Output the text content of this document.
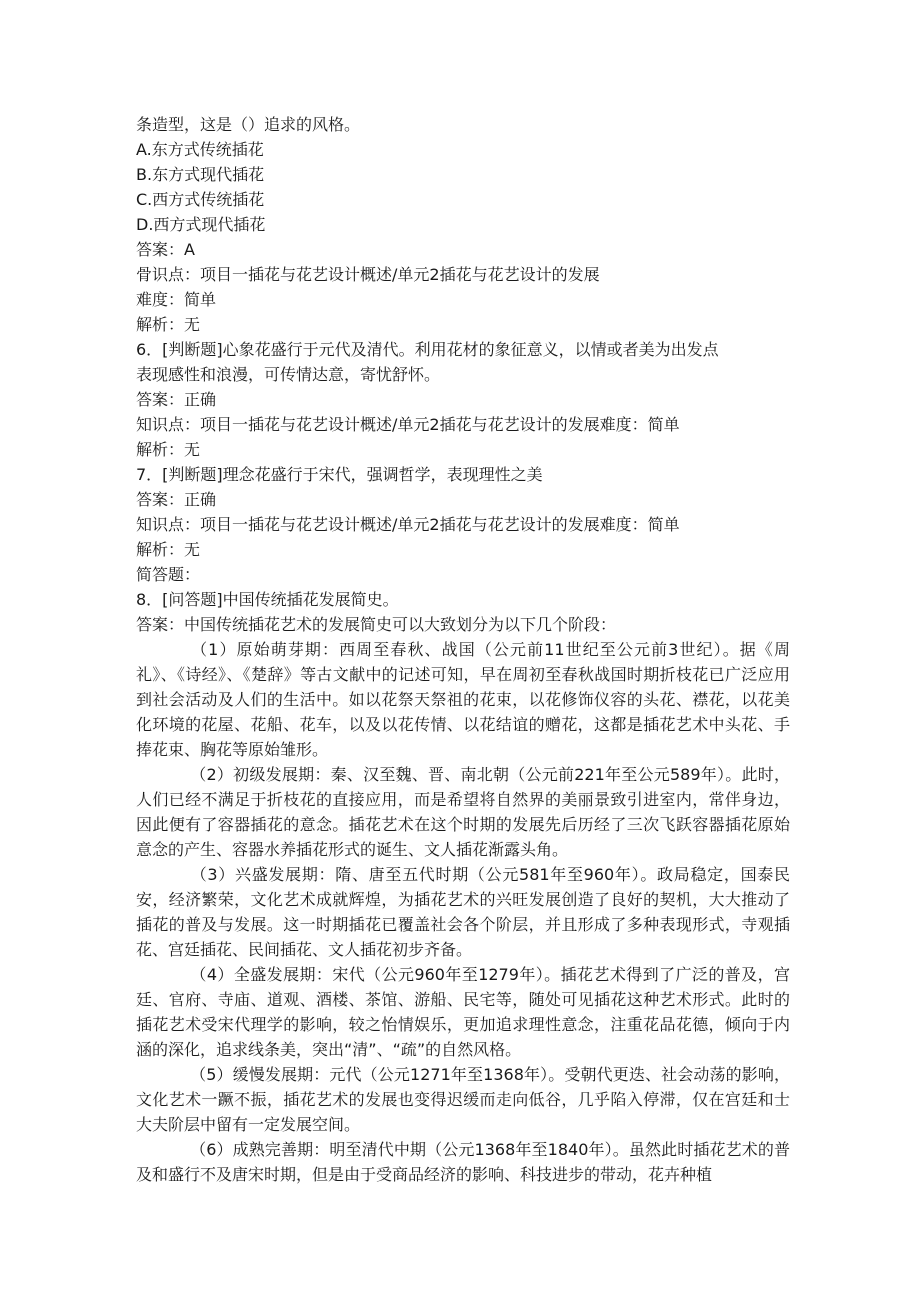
条造型，这是（）追求的风格。
A.东方式传统插花
B.东方式现代插花
C.西方式传统插花
D.西方式现代插花
答案：A
骨识点：项目一插花与花艺设计概述/单元2插花与花艺设计的发展
难度：简单
解析：无
6．[判断题]心象花盛行于元代及清代。利用花材的象征意义，以情或者美为出发点
表现感性和浪漫，可传情达意，寄忧舒怀。
答案：正确
知识点：项目一插花与花艺设计概述/单元2插花与花艺设计的发展难度：简单
解析：无
7．[判断题]理念花盛行于宋代，强调哲学，表现理性之美
答案：正确
知识点：项目一插花与花艺设计概述/单元2插花与花艺设计的发展难度：简单
解析：无
简答题：
8．[问答题]中国传统插花发展简史。
答案：中国传统插花艺术的发展简史可以大致划分为以下几个阶段：
（1）原始萌芽期：西周至春秋、战国（公元前11世纪至公元前3世纪）。据《周礼》、《诗经》、《楚辞》等古文献中的记述可知，早在周初至春秋战国时期折枝花已广泛应用到社会活动及人们的生活中。如以花祭天祭祖的花束，以花修饰仪容的头花、襟花，以花美化环境的花屋、花船、花车，以及以花传情、以花结谊的赠花，这都是插花艺术中头花、手捧花束、胸花等原始雏形。
（2）初级发展期：秦、汉至魏、晋、南北朝（公元前221年至公元589年）。此时，人们已经不满足于折枝花的直接应用，而是希望将自然界的美丽景致引进室内，常伴身边，因此便有了容器插花的意念。插花艺术在这个时期的发展先后历经了三次飞跃容器插花原始意念的产生、容器水养插花形式的诞生、文人插花渐露头角。
（3）兴盛发展期：隋、唐至五代时期（公元581年至960年）。政局稳定，国泰民安，经济繁荣，文化艺术成就辉煌，为插花艺术的兴旺发展创造了良好的契机，大大推动了插花的普及与发展。这一时期插花已覆盖社会各个阶层，并且形成了多种表现形式，寺观插花、宫廷插花、民间插花、文人插花初步齐备。
（4）全盛发展期：宋代（公元960年至1279年）。插花艺术得到了广泛的普及，宫廷、官府、寺庙、道观、酒楼、茶馆、游船、民宅等，随处可见插花这种艺术形式。此时的插花艺术受宋代理学的影响，较之怡情娱乐，更加追求理性意念，注重花品花德，倾向于内涵的深化，追求线条美，突出“清”、“疏”的自然风格。
（5）缓慢发展期：元代（公元1271年至1368年）。受朝代更迭、社会动荡的影响，文化艺术一蹶不振，插花艺术的发展也变得迟缓而走向低谷，几乎陷入停滞，仅在宫廷和士大夫阶层中留有一定发展空间。
（6）成熟完善期：明至清代中期（公元1368年至1840年）。虽然此时插花艺术的普及和盛行不及唐宋时期，但是由于受商品经济的影响、科技进步的带动，花卉种植
